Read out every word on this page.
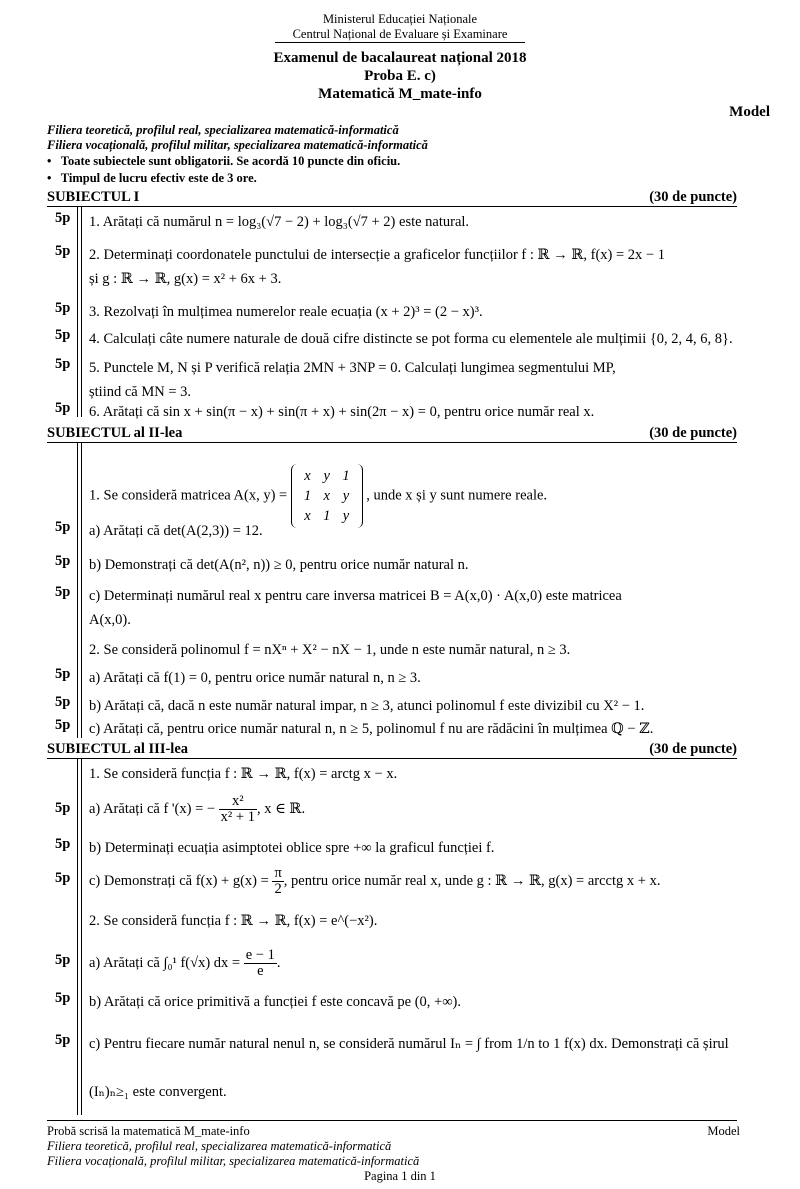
Ministerul Educației Naționale
Centrul Național de Evaluare și Examinare
Examenul de bacalaureat național 2018
Proba E. c)
Matematică M_mate-info
Model
Filiera teoretică, profilul real, specializarea matematică-informatică
Filiera vocațională, profilul militar, specializarea matematică-informatică
•   Toate subiectele sunt obligatorii. Se acordă 10 puncte din oficiu.
•   Timpul de lucru efectiv este de 3 ore.
SUBIECTUL I	(30 de puncte)
5p 1. Arătați că numărul n = log₃(√7 − 2) + log₃(√7 + 2) este natural.
5p 2. Determinați coordonatele punctului de intersecție a graficelor funcțiilor f : ℝ → ℝ, f(x) = 2x − 1
și g : ℝ → ℝ, g(x) = x² + 6x + 3.
5p 3. Rezolvați în mulțimea numerelor reale ecuația (x + 2)³ = (2 − x)³.
5p 4. Calculați câte numere naturale de două cifre distincte se pot forma cu elementele ale mulțimii {0, 2, 4, 6, 8}.
5p 5. Punctele M, N și P verifică relația 2MN + 3NP = 0. Calculați lungimea segmentului MP,
știind că MN = 3.
5p 6. Arătați că sin x + sin(π − x) + sin(π + x) + sin(2π − x) = 0, pentru orice număr real x.
SUBIECTUL al II-lea	(30 de puncte)
1. Se consideră matricea A(x, y) = x	y	1
1	x	y
x	1	y , unde x și y sunt numere reale.
5p a) Arătați că det(A(2,3)) = 12.
5p b) Demonstrați că det(A(n², n)) ≥ 0, pentru orice număr natural n.
5p c) Determinați numărul real x pentru care inversa matricei B = A(x,0) · A(x,0) este matricea
A(x,0).
2. Se consideră polinomul f = nXⁿ + X² − nX − 1, unde n este număr natural, n ≥ 3.
5p a) Arătați că f(1) = 0, pentru orice număr natural n, n ≥ 3.
5p b) Arătați că, dacă n este număr natural impar, n ≥ 3, atunci polinomul f este divizibil cu X² − 1.
5p c) Arătați că, pentru orice număr natural n, n ≥ 5, polinomul f nu are rădăcini în mulțimea ℚ − ℤ.
SUBIECTUL al III-lea	(30 de puncte)
1. Se consideră funcția f : ℝ → ℝ, f(x) = arctg x − x.
5p a) Arătați că f '(x) = − $\frac{\text{x²}}{\text{x² + 1}}$ , x ∈ ℝ.
5p b) Determinați ecuația asimptotei oblice spre +∞ la graficul funcției f.
5p c) Demonstrați că $f(x) + g(x) = \frac{\pi}{2}$ , pentru orice număr real x, unde g : ℝ → ℝ, g(x) = arcctg x + x.
2. Se consideră funcția f : ℝ → ℝ, f(x) = e^(−x²).
5p a) Arătați că ∫₀¹ f(√x) dx = $\frac{e - 1}{e}$ .
5p b) Arătați că orice primitivă a funcției f este concavă pe (0, +∞).
5p c) Pentru fiecare număr natural nenul n, se consideră numărul Iₙ = ∫ from 1/n to 1 f(x) dx. Demonstrați că șirul

(Iₙ)ₙ≥₁ este convergent.
Probă scrisă la matematică M_mate-info	Model
Filiera teoretică, profilul real, specializarea matematică-informatică
Filiera vocațională, profilul militar, specializarea matematică-informatică
Pagina 1 din 1
